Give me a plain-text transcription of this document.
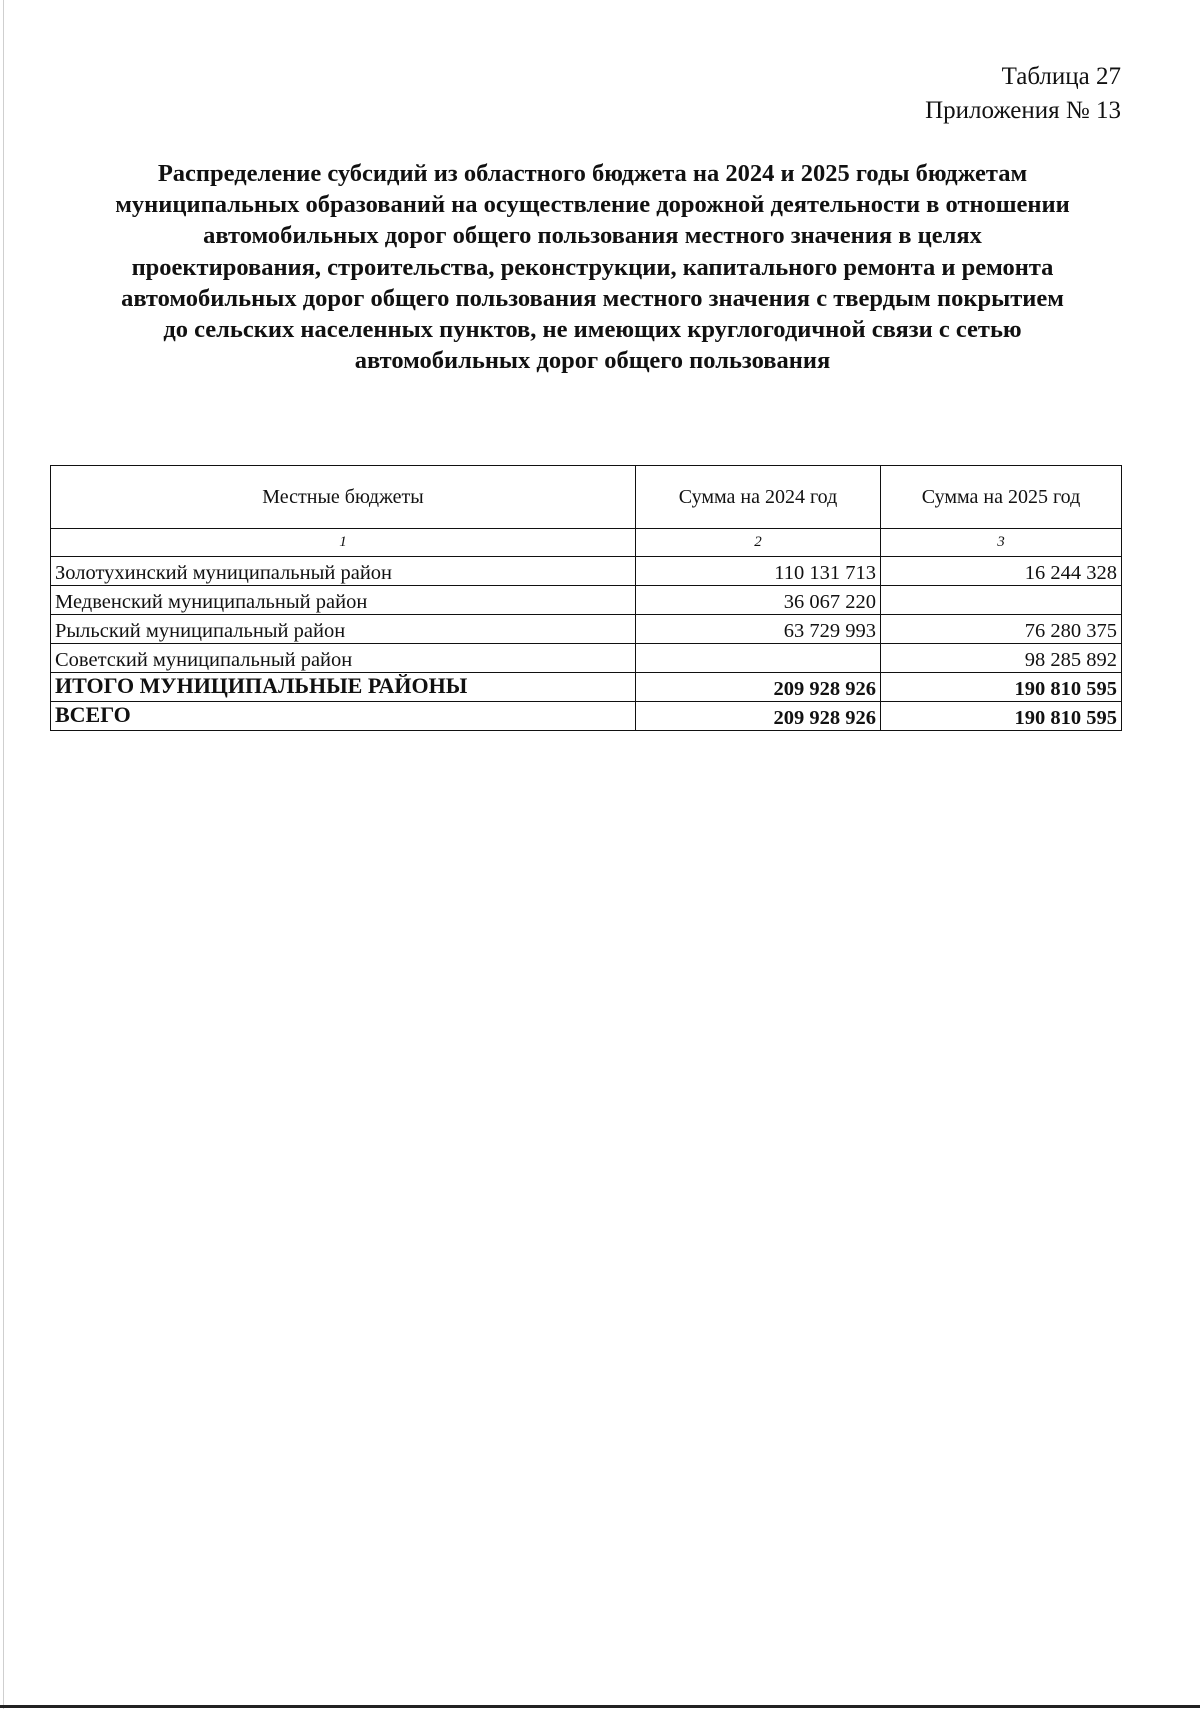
Таблица 27
Приложения № 13
Распределение субсидий из областного бюджета на 2024 и 2025 годы бюджетам
муниципальных образований на осуществление дорожной деятельности в отношении
автомобильных дорог общего пользования местного значения в целях
проектирования, строительства, реконструкции, капитального ремонта и ремонта
автомобильных дорог общего пользования местного значения с твердым покрытием
до сельских населенных пунктов, не имеющих круглогодичной связи с сетью
автомобильных дорог общего пользования
Местные бюджеты	Сумма на 2024 год	Сумма на 2025 год
1	2	3
Золотухинский муниципальный район	110 131 713	16 244 328
Медвенский муниципальный район	36 067 220	
Рыльский муниципальный район	63 729 993	76 280 375
Советский муниципальный район		98 285 892
ИТОГО МУНИЦИПАЛЬНЫЕ РАЙОНЫ	209 928 926	190 810 595
ВСЕГО	209 928 926	190 810 595
